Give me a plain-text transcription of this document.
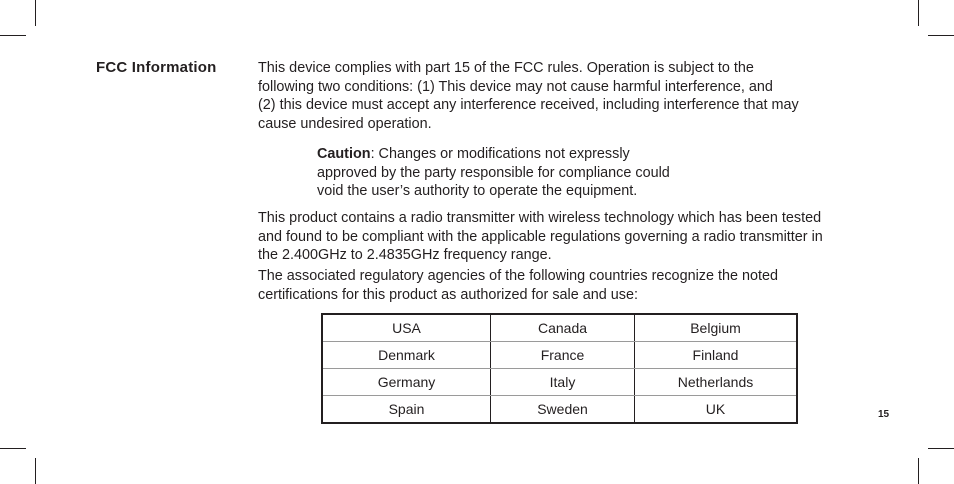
FCC Information	This device complies with part 15 of the FCC rules. Operation is subject to the
following two conditions: (1) This device may not cause harmful interference, and
(2) this device must accept any interference received, including interference that may
cause undesired operation.
Caution: Changes or modifications not expressly
approved by the party responsible for compliance could
void the user’s authority to operate the equipment.
This product contains a radio transmitter with wireless technology which has been tested
and found to be compliant with the applicable regulations governing a radio transmitter in
the 2.400GHz to 2.4835GHz frequency range.
The associated regulatory agencies of the following countries recognize the noted
certifications for this product as authorized for sale and use:
USA	Canada	Belgium
Denmark	France	Finland
Germany	Italy	Netherlands
Spain	Sweden	UK	15
